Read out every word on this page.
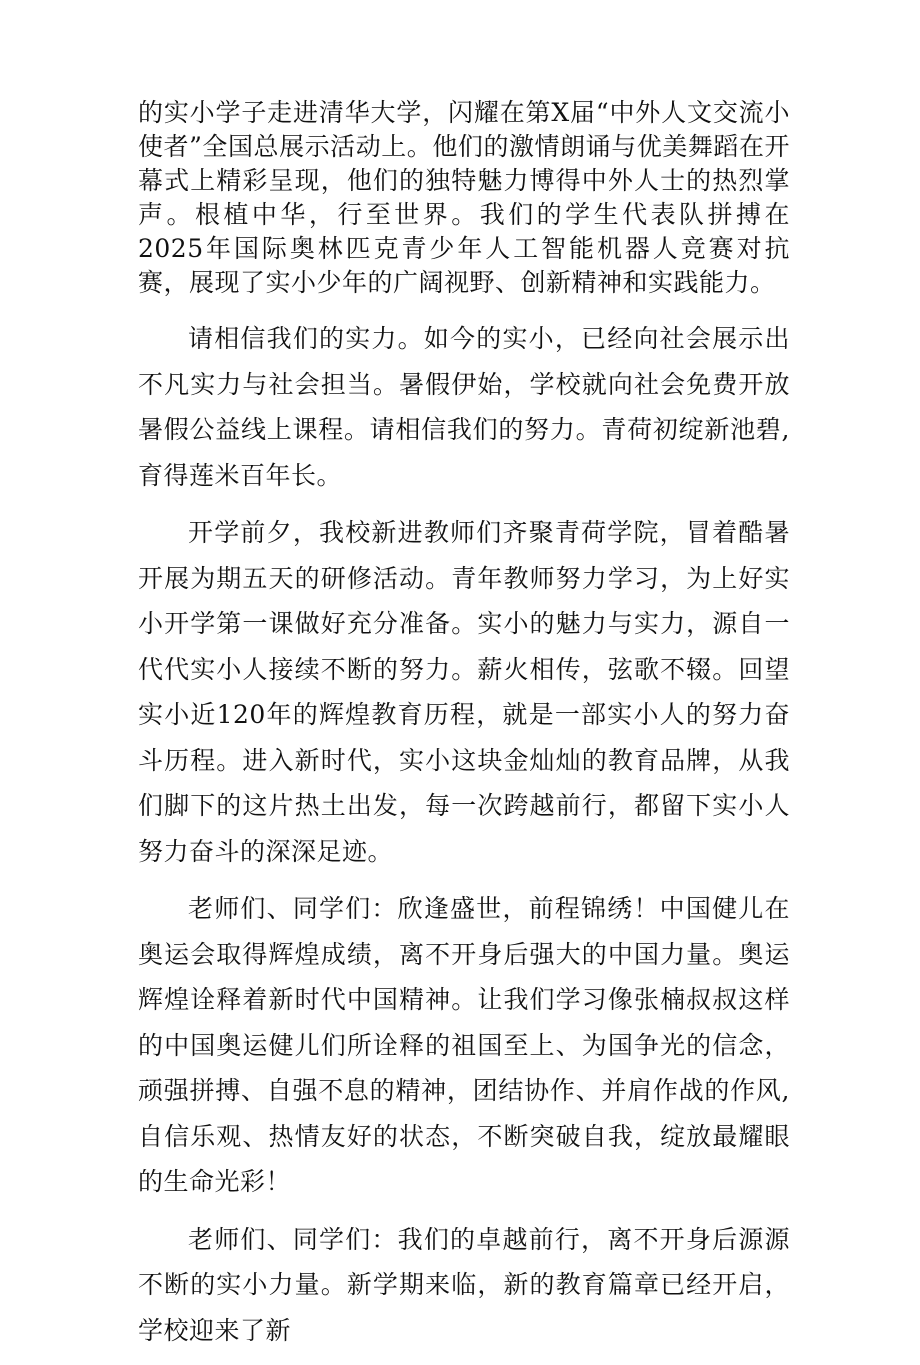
的实小学子走进清华大学，闪耀在第X届“中外人文交流小使者”全国总展示活动上。他们的激情朗诵与优美舞蹈在开幕式上精彩呈现，他们的独特魅力博得中外人士的热烈掌声。根植中华，行至世界。我们的学生代表队拼搏在2025年国际奥林匹克青少年人工智能机器人竞赛对抗赛，展现了实小少年的广阔视野、创新精神和实践能力。

请相信我们的实力。如今的实小，已经向社会展示出不凡实力与社会担当。暑假伊始，学校就向社会免费开放暑假公益线上课程。请相信我们的努力。青荷初绽新池碧,育得莲米百年长。

开学前夕，我校新进教师们齐聚青荷学院，冒着酷暑开展为期五天的研修活动。青年教师努力学习，为上好实小开学第一课做好充分准备。实小的魅力与实力，源自一代代实小人接续不断的努力。薪火相传，弦歌不辍。回望实小近120年的辉煌教育历程，就是一部实小人的努力奋斗历程。进入新时代，实小这块金灿灿的教育品牌，从我们脚下的这片热土出发，每一次跨越前行，都留下实小人努力奋斗的深深足迹。

老师们、同学们：欣逢盛世，前程锦绣！中国健儿在奥运会取得辉煌成绩，离不开身后强大的中国力量。奥运辉煌诠释着新时代中国精神。让我们学习像张楠叔叔这样的中国奥运健儿们所诠释的祖国至上、为国争光的信念，顽强拼搏、自强不息的精神，团结协作、并肩作战的作风,自信乐观、热情友好的状态，不断突破自我，绽放最耀眼的生命光彩！

老师们、同学们：我们的卓越前行，离不开身后源源不断的实小力量。新学期来临，新的教育篇章已经开启，学校迎来了新
